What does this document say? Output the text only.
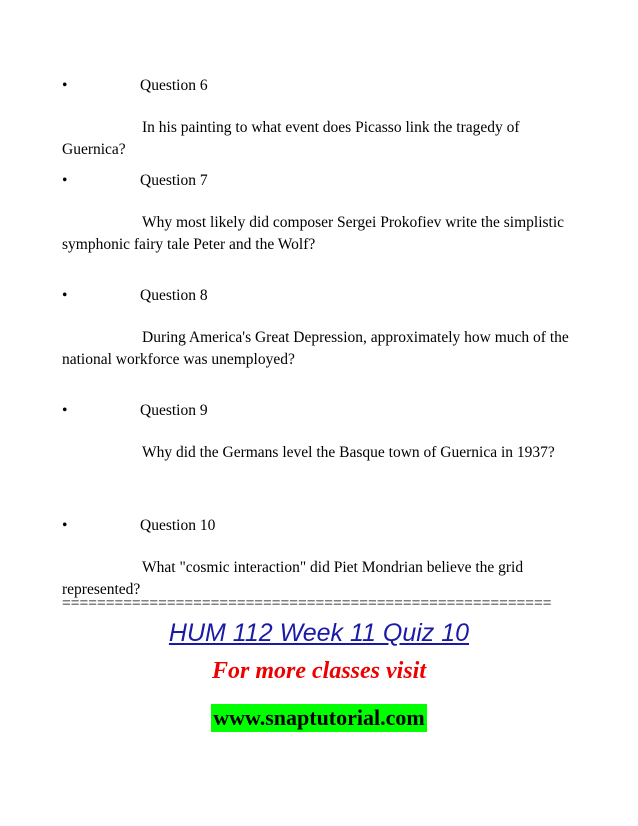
•	Question 6
In his painting to what event does Picasso link the tragedy of Guernica?
•	Question 7
Why most likely did composer Sergei Prokofiev write the simplistic symphonic fairy tale Peter and the Wolf?
•	Question 8
During America's Great Depression, approximately how much of the national workforce was unemployed?
•	Question 9
Why did the Germans level the Basque town of Guernica in 1937?
•	Question 10
What "cosmic interaction" did Piet Mondrian believe the grid represented?
========================================================
HUM 112 Week 11 Quiz 10
For more classes visit
www.snaptutorial.com
